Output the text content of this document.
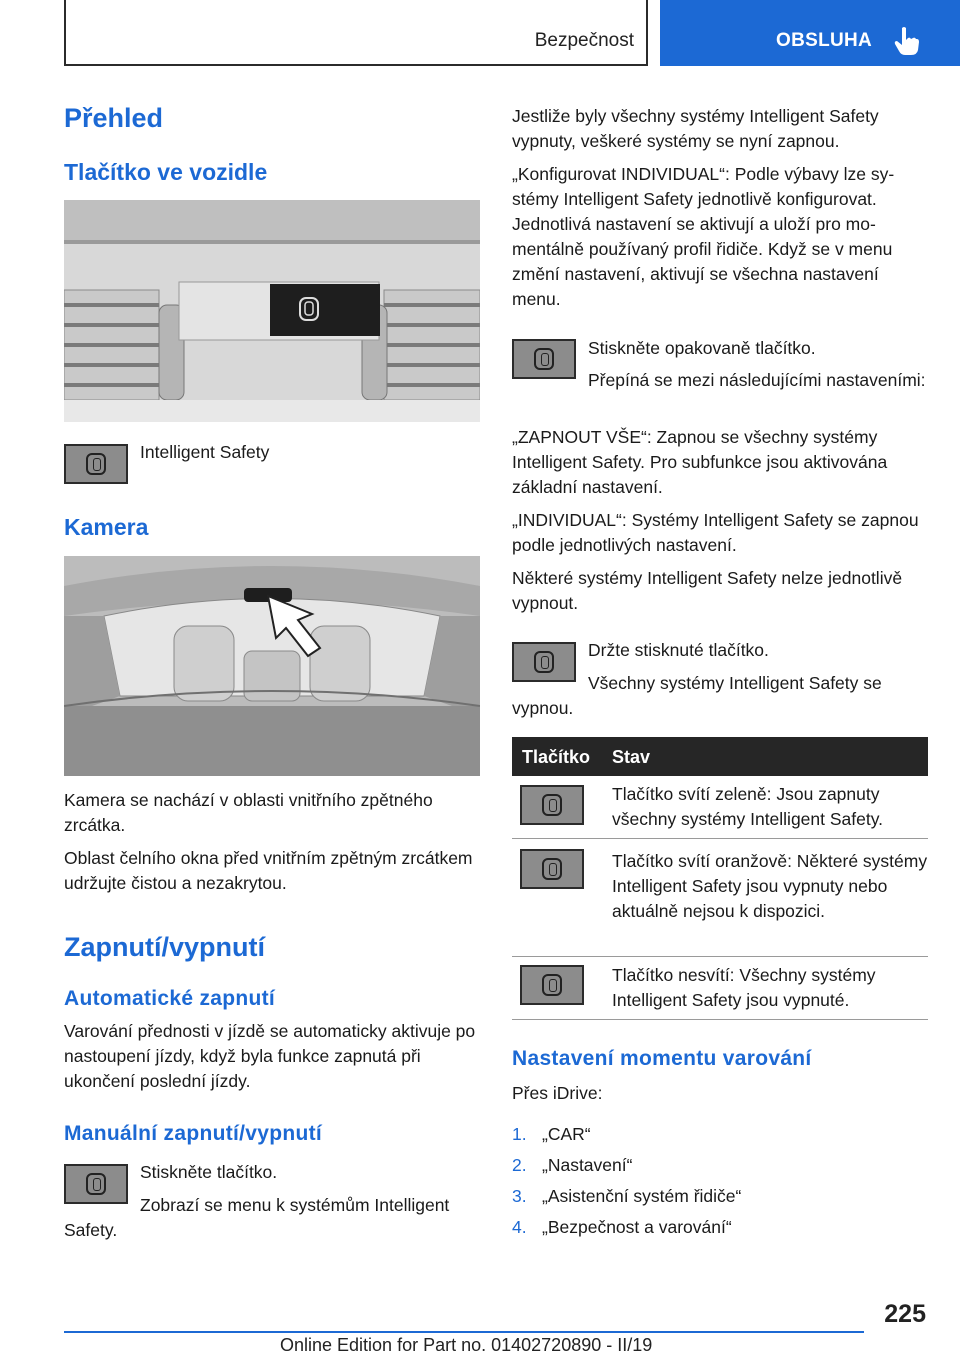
Bezpečnost	OBSLUHA
Přehled
Tlačítko ve vozidle
Intelligent Safety
Kamera
Kamera se nachází v oblasti vnitřního zpětného zrcátka.
Oblast čelního okna před vnitřním zpětným zrcátkem udržujte čistou a nezakrytou.
Zapnutí/vypnutí
Automatické zapnutí
Varování přednosti v jízdě se automaticky aktivuje po nastoupení jízdy, když byla funkce zapnutá při ukončení poslední jízdy.
Manuální zapnutí/vypnutí
Stiskněte tlačítko.
Zobrazí se menu k systémům Intelligent Safety.
Jestliže byly všechny systémy Intelligent Safety vypnuty, veškeré systémy se nyní zapnou.
„Konfigurovat INDIVIDUAL“: Podle výbavy lze systémy Intelligent Safety jednotlivě konfigurovat. Jednotlivá nastavení se aktivují a uloží pro momentálně používaný profil řidiče. Když se v menu změní nastavení, aktivují se všechna nastavení menu.
Stiskněte opakovaně tlačítko.
Přepíná se mezi následujícími nastaveními:
„ZAPNOUT VŠE“: Zapnou se všechny systémy Intelligent Safety. Pro subfunkce jsou aktivována základní nastavení.
„INDIVIDUAL“: Systémy Intelligent Safety se zapnou podle jednotlivých nastavení.
Některé systémy Intelligent Safety nelze jednotlivě vypnout.
Držte stisknuté tlačítko.
Všechny systémy Intelligent Safety se vypnou.
Tlačítko Stav
Tlačítko svítí zeleně: Jsou zapnuty všechny systémy Intelligent Safety.
Tlačítko svítí oranžově: Některé systémy Intelligent Safety jsou vypnuty nebo aktuálně nejsou k dispozici.
Tlačítko nesvítí: Všechny systémy Intelligent Safety jsou vypnuté.
Nastavení momentu varování
Přes iDrive:
1. „CAR“
2. „Nastavení“
3. „Asistenční systém řidiče“
4. „Bezpečnost a varování“
225
Online Edition for Part no. 01402720890 - II/19
